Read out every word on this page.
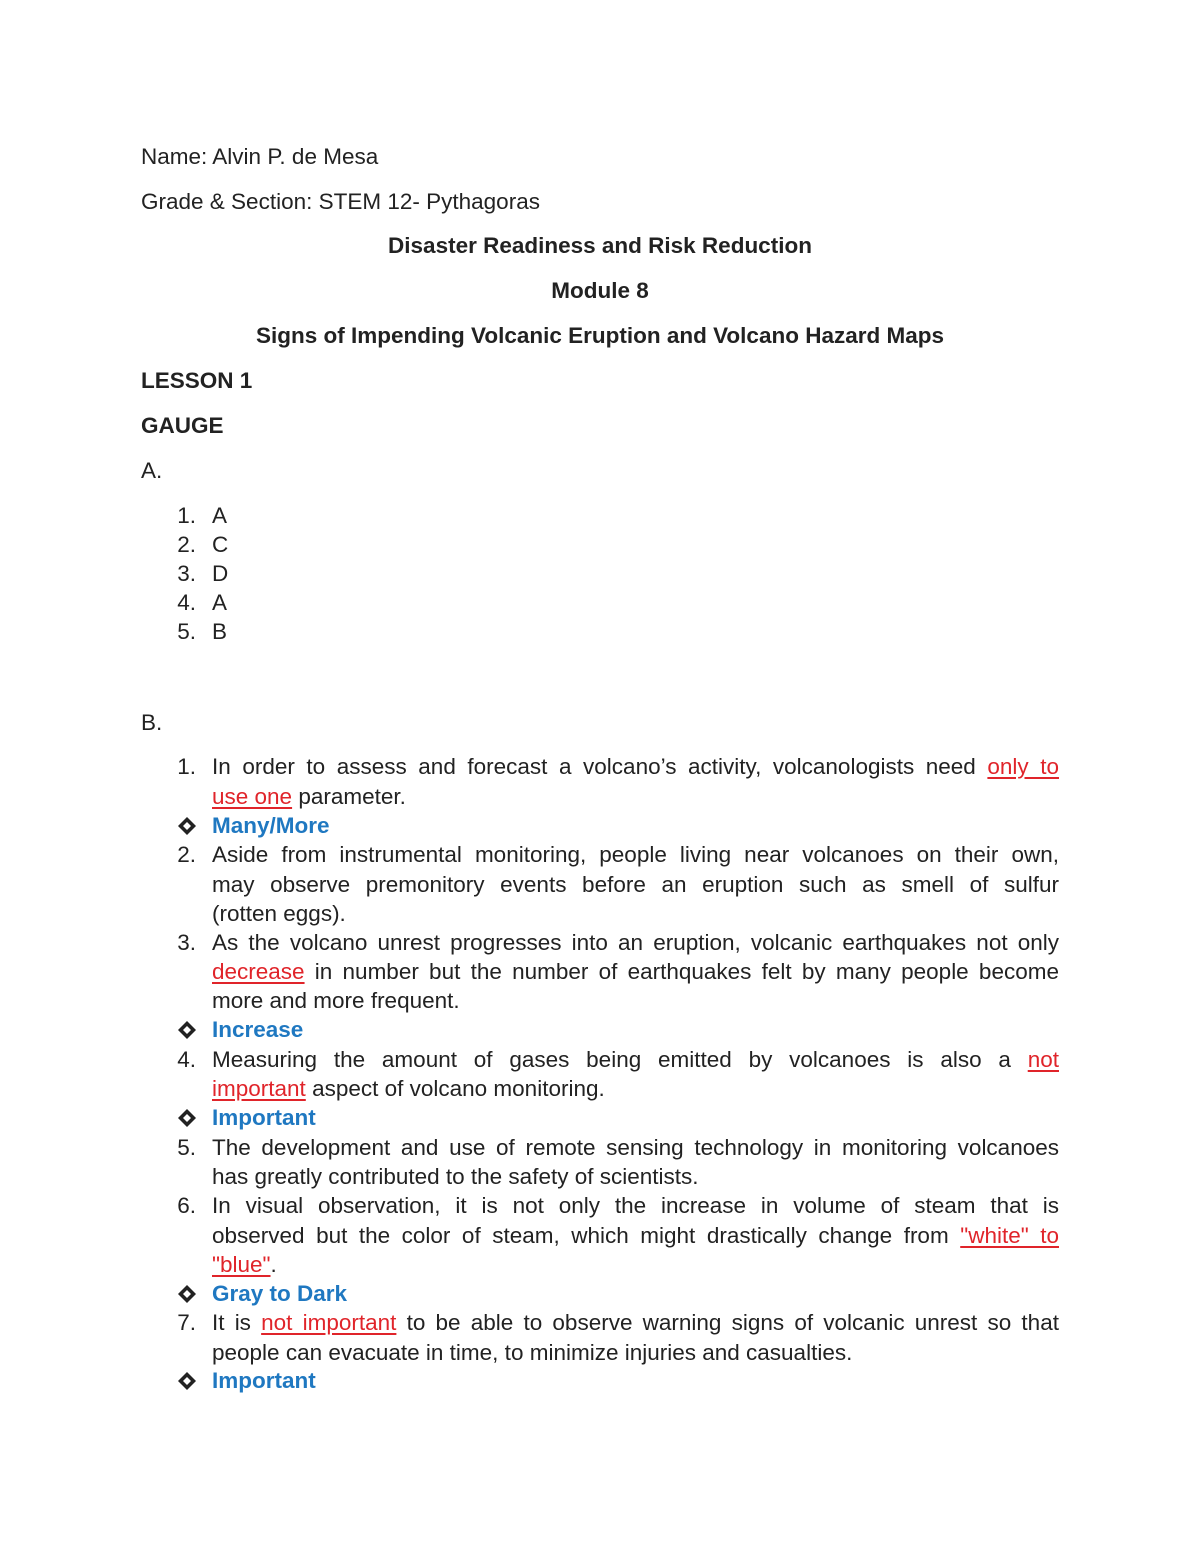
Name: Alvin P. de Mesa

Grade & Section: STEM 12- Pythagoras

Disaster Readiness and Risk Reduction

Module 8

Signs of Impending Volcanic Eruption and Volcano Hazard Maps

LESSON 1

GAUGE

A.

1. A

2. C

3. D

4. A

5. B

B.

1. In order to assess and forecast a volcano’s activity, volcanologists need only to

use one parameter.

Many/More

2. Aside from instrumental monitoring, people living near volcanoes on their own,

may observe premonitory events before an eruption such as smell of sulfur

(rotten eggs).

3. As the volcano unrest progresses into an eruption, volcanic earthquakes not only

decrease in number but the number of earthquakes felt by many people become

more and more frequent.

Increase

4. Measuring the amount of gases being emitted by volcanoes is also a not

important aspect of volcano monitoring.

Important

5. The development and use of remote sensing technology in monitoring volcanoes

has greatly contributed to the safety of scientists.

6. In visual observation, it is not only the increase in volume of steam that is

observed but the color of steam, which might drastically change from "white" to

"blue".

Gray to Dark

7. It is not important to be able to observe warning signs of volcanic unrest so that

people can evacuate in time, to minimize injuries and casualties.

Important
